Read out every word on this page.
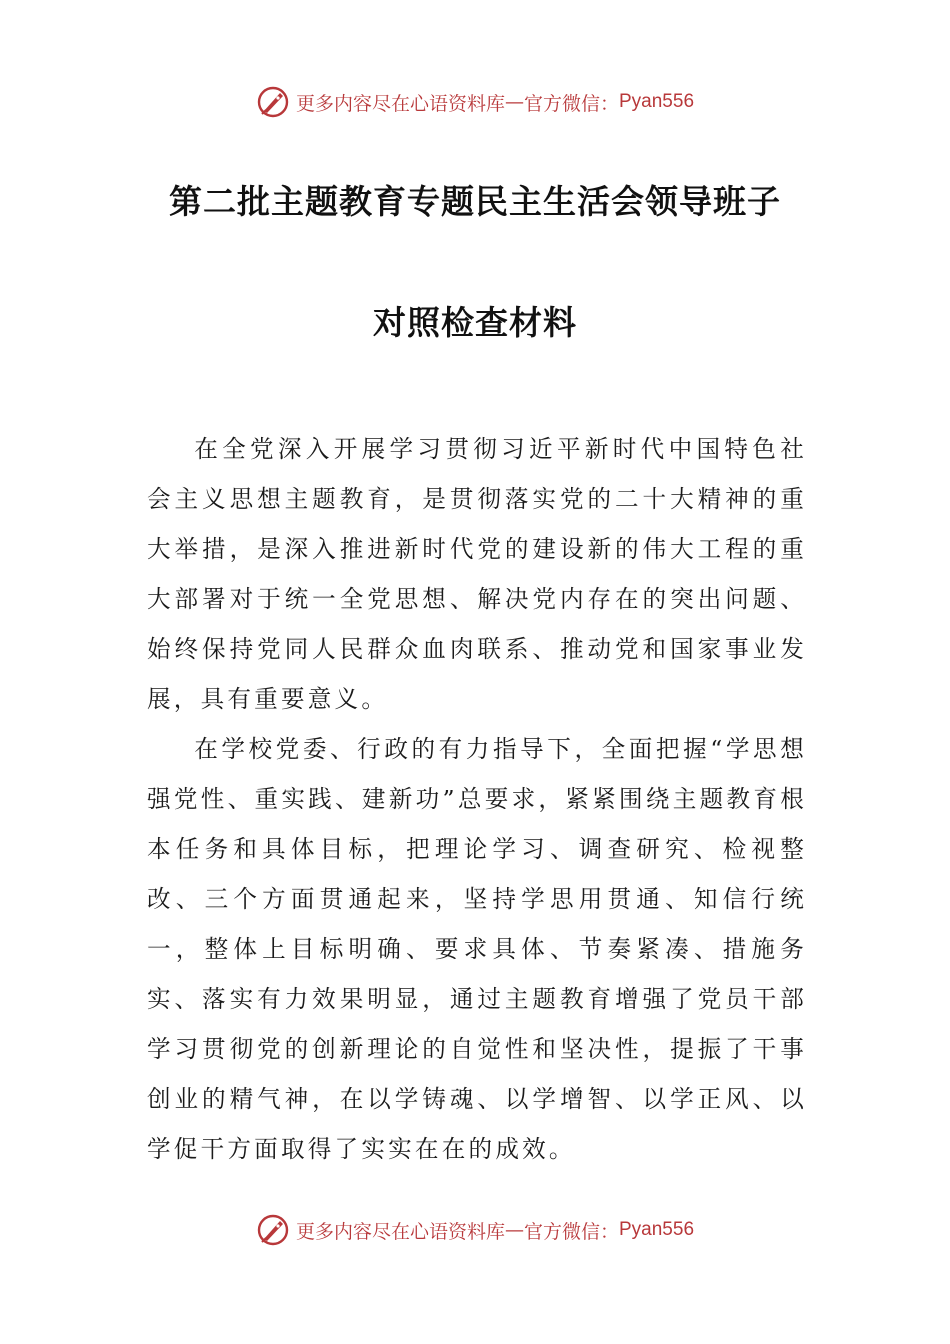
更多内容尽在心语资料库 — 官方微信： Pyan556
第二批主题教育专题民主生活会领导班子
对照检查材料

在全党深入开展学习贯彻习近平新时代中国特色社会主义思想主题教育，是贯彻落实党的二十大精神的重大举措，是深入推进新时代党的建设新的伟大工程的重大部署对于统一全党思想、解决党内存在的突出问题、始终保持党同人民群众血肉联系、推动党和国家事业发展，具有重要意义。

在学校党委、行政的有力指导下，全面把握“学思想强党性、重实践、建新功”总要求，紧紧围绕主题教育根本任务和具体目标，把理论学习、调查研究、检视整改、三个方面贯通起来，坚持学思用贯通、知信行统一，整体上目标明确、要求具体、节奏紧凑、措施务实、落实有力效果明显，通过主题教育增强了党员干部学习贯彻党的创新理论的自觉性和坚决性，提振了干事创业的精气神，在以学铸魂、以学增智、以学正风、以学促干方面取得了实实在在的成效。

更多内容尽在心语资料库 — 官方微信： Pyan556
